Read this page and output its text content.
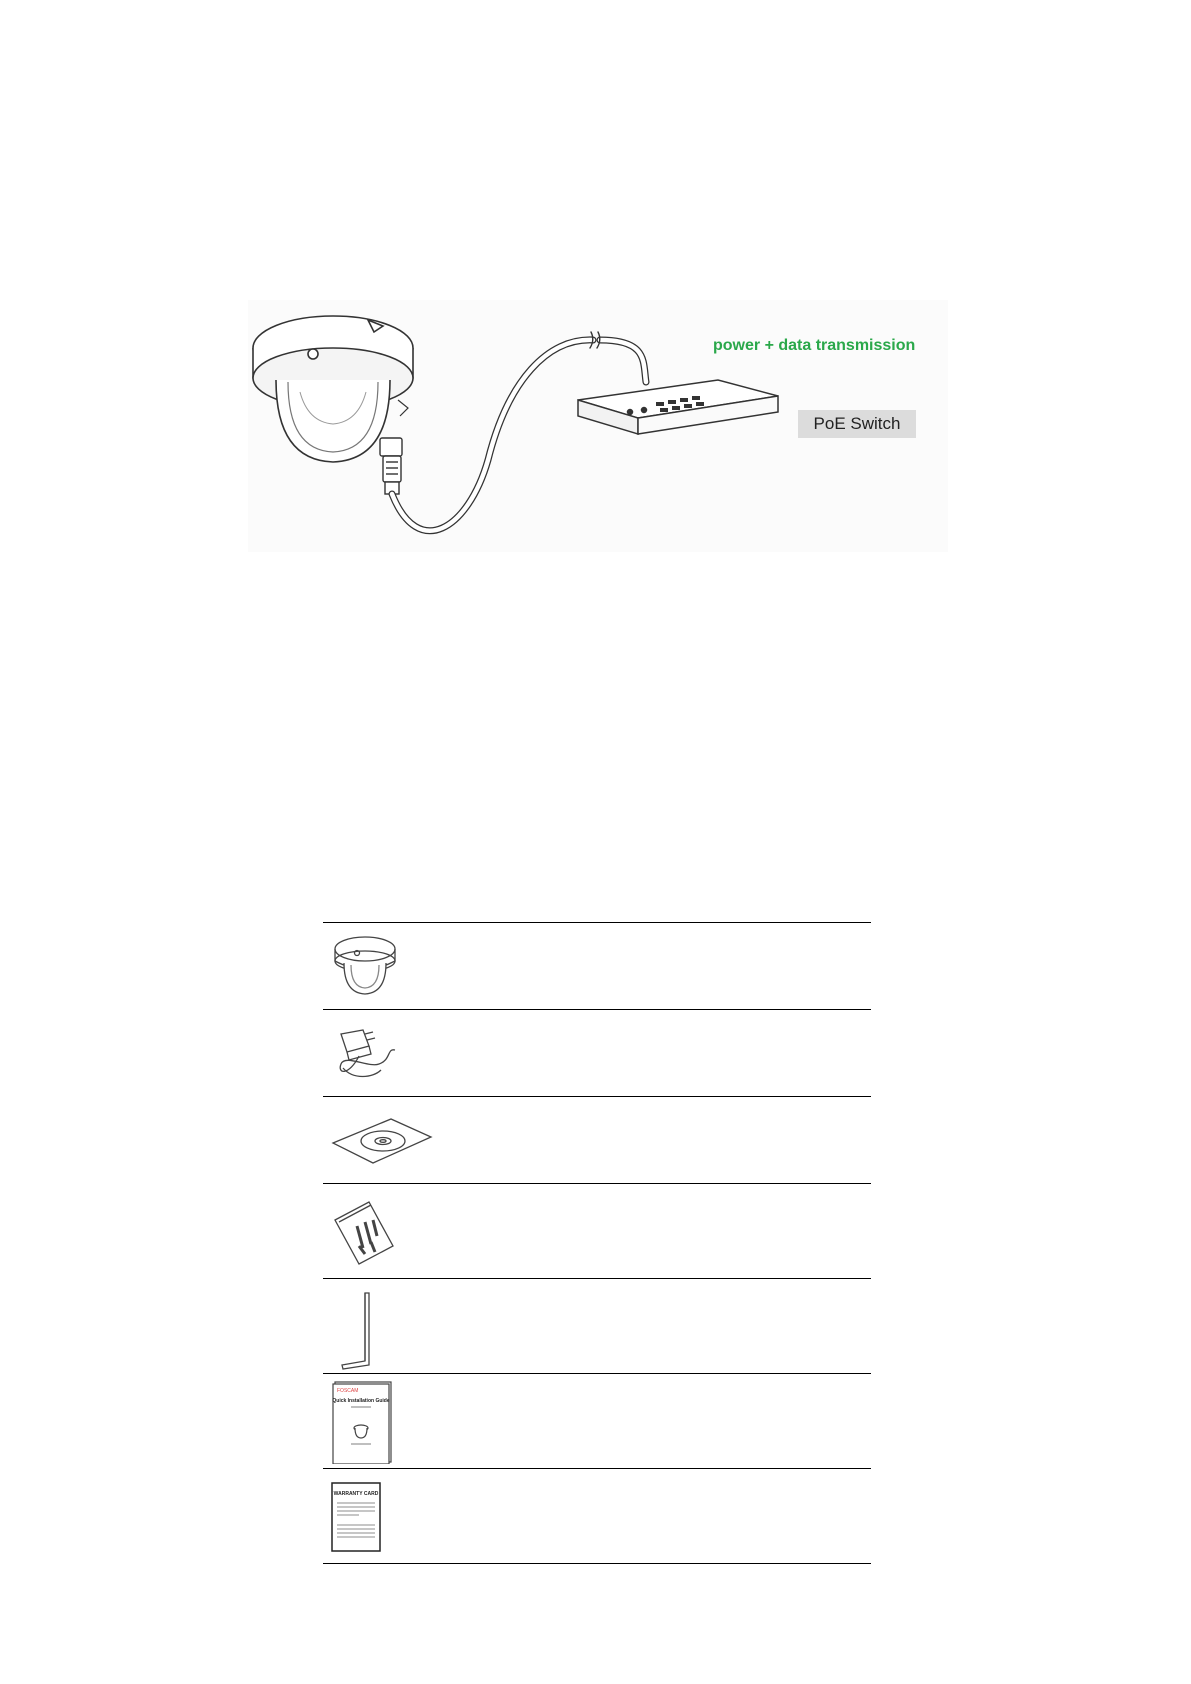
power + data transmission
PoE Switch
FOSCAM
Quick Installation Guide
WARRANTY CARD
